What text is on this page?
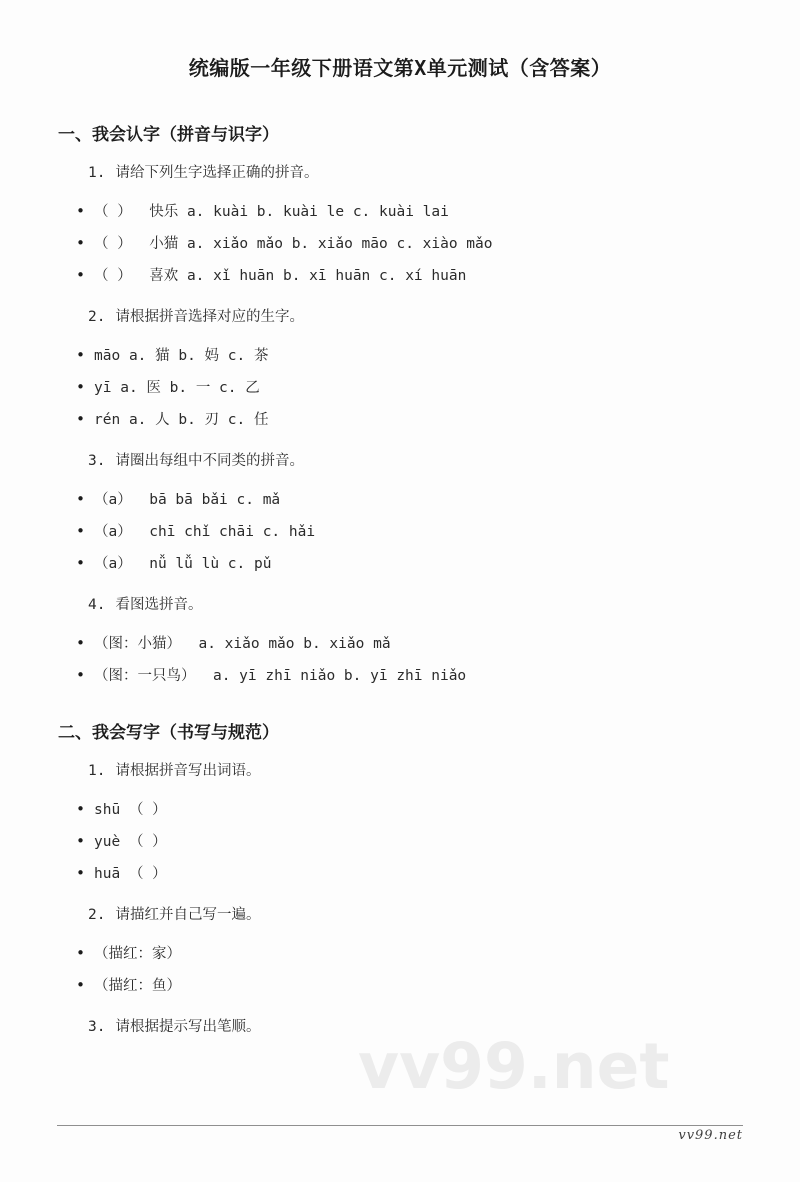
vv99.net
统编版一年级下册语文第X单元测试（含答案）
一、我会认字（拼音与识字）
1. 请给下列生字选择正确的拼音。
• （ ）  快乐 a. kuài b. kuài le c. kuài lai
• （ ）  小猫 a. xiǎo mǎo b. xiǎo māo c. xiào mǎo
• （ ）  喜欢 a. xǐ huān b. xī huān c. xí huān
2. 请根据拼音选择对应的生字。
• māo a. 猫 b. 妈 c. 茶
• yī a. 医 b. 一 c. 乙
• rén a. 人 b. 刃 c. 任
3. 请圈出每组中不同类的拼音。
• （a）  bā bā bǎi c. mǎ
• （a）  chī chǐ chāi c. hǎi
• （a）  nǚ lǚ lù c. pǔ
4. 看图选拼音。
• （图：小猫）  a. xiǎo mǎo b. xiǎo mǎ
• （图：一只鸟）  a. yī zhī niǎo b. yī zhī niǎo
二、我会写字（书写与规范）
1. 请根据拼音写出词语。
• shū （ ）
• yuè （ ）
• huā （ ）
2. 请描红并自己写一遍。
• （描红：家）
• （描红：鱼）
3. 请根据提示写出笔顺。
vv99.net
